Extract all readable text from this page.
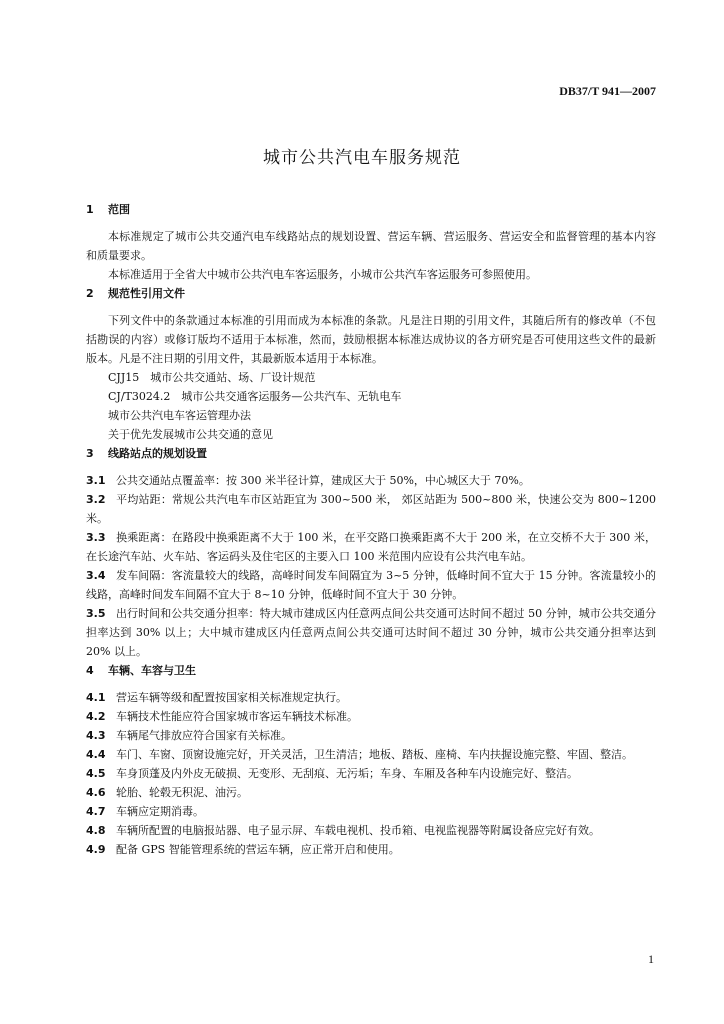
DB37/T 941—2007
城市公共汽电车服务规范
1 范围

本标准规定了城市公共交通汽电车线路站点的规划设置、营运车辆、营运服务、营运安全和监督管理的基本内容和质量要求。

本标准适用于全省大中城市公共汽电车客运服务，小城市公共汽车客运服务可参照使用。

2 规范性引用文件

下列文件中的条款通过本标准的引用而成为本标准的条款。凡是注日期的引用文件，其随后所有的修改单（不包括勘误的内容）或修订版均不适用于本标准，然而，鼓励根据本标准达成协议的各方研究是否可使用这些文件的最新版本。凡是不注日期的引用文件，其最新版本适用于本标准。

CJJ15　城市公共交通站、场、厂设计规范

CJ/T3024.2　城市公共交通客运服务—公共汽车、无轨电车

城市公共汽电车客运管理办法

关于优先发展城市公共交通的意见

3 线路站点的规划设置

3.1 公共交通站点覆盖率：按 300 米半径计算，建成区大于 50%，中心城区大于 70%。

3.2 平均站距：常规公共汽电车市区站距宜为 300~500 米， 郊区站距为 500~800 米，快速公交为 800~1200 米。

3.3 换乘距离：在路段中换乘距离不大于 100 米，在平交路口换乘距离不大于 200 米，在立交桥不大于 300 米，在长途汽车站、火车站、客运码头及住宅区的主要入口 100 米范围内应设有公共汽电车站。

3.4 发车间隔：客流量较大的线路，高峰时间发车间隔宜为 3~5 分钟，低峰时间不宜大于 15 分钟。客流量较小的线路，高峰时间发车间隔不宜大于 8~10 分钟，低峰时间不宜大于 30 分钟。

3.5 出行时间和公共交通分担率：特大城市建成区内任意两点间公共交通可达时间不超过 50 分钟，城市公共交通分担率达到 30% 以上；大中城市建成区内任意两点间公共交通可达时间不超过 30 分钟，城市公共交通分担率达到 20% 以上。

4 车辆、车容与卫生

4.1 营运车辆等级和配置按国家相关标准规定执行。

4.2 车辆技术性能应符合国家城市客运车辆技术标准。

4.3 车辆尾气排放应符合国家有关标准。

4.4 车门、车窗、顶窗设施完好，开关灵活，卫生清洁；地板、踏板、座椅、车内扶握设施完整、牢固、整洁。

4.5 车身顶蓬及内外皮无破损、无变形、无刮痕、无污垢；车身、车厢及各种车内设施完好、整洁。

4.6 轮胎、轮毂无积泥、油污。

4.7 车辆应定期消毒。

4.8 车辆所配置的电脑报站器、电子显示屏、车载电视机、投币箱、电视监视器等附属设备应完好有效。

4.9 配备 GPS 智能管理系统的营运车辆，应正常开启和使用。

1
